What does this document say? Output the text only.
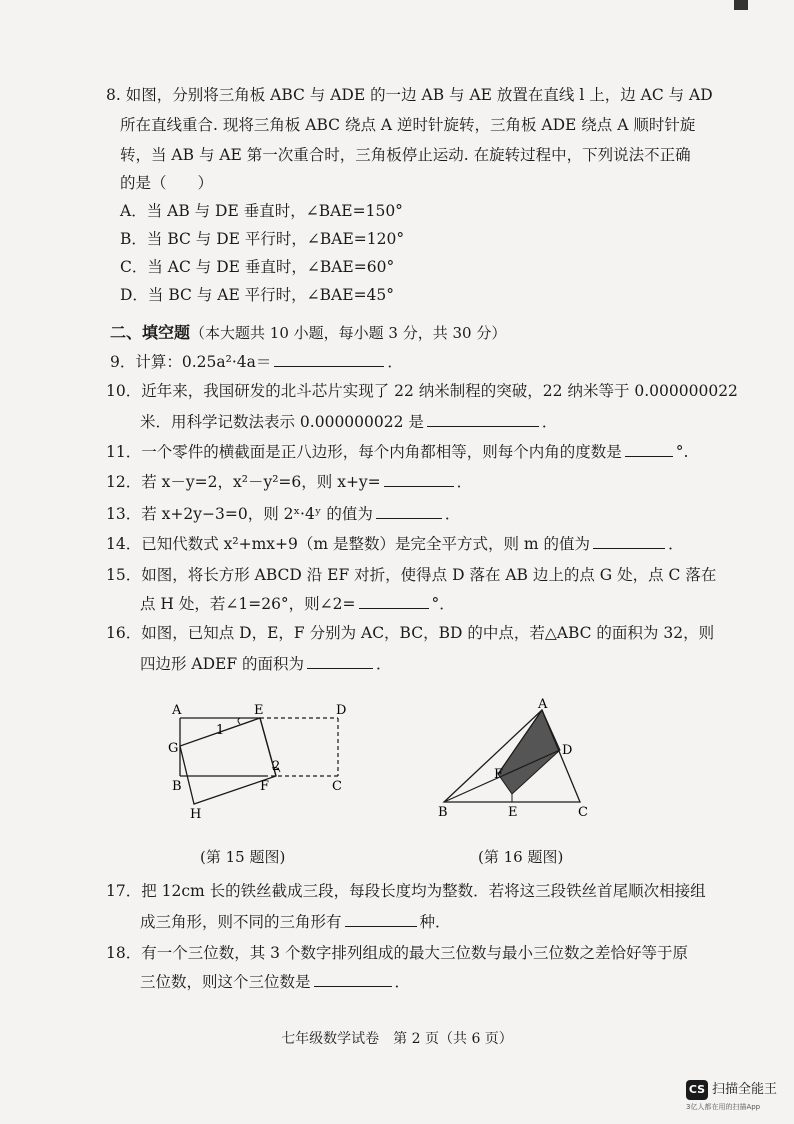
8. 如图，分别将三角板 ABC 与 ADE 的一边 AB 与 AE 放置在直线 l 上，边 AC 与 AD
所在直线重合. 现将三角板 ABC 绕点 A 逆时针旋转，三角板 ADE 绕点 A 顺时针旋
转，当 AB 与 AE 第一次重合时，三角板停止运动. 在旋转过程中，下列说法不正确
的是（　　）
A．当 AB 与 DE 垂直时，∠BAE=150°
B．当 BC 与 DE 平行时，∠BAE=120°
C．当 AC 与 DE 垂直时，∠BAE=60°
D．当 BC 与 AE 平行时，∠BAE=45°
二、填空题（本大题共 10 小题，每小题 3 分，共 30 分）
9．计算：0.25a²·4a＝	．
10．近年来，我国研发的北斗芯片实现了 22 纳米制程的突破，22 纳米等于 0.000000022
米．用科学记数法表示 0.000000022 是	．
11．一个零件的横截面是正八边形，每个内角都相等，则每个内角的度数是	°.
12．若 x－y=2，x²－y²=6，则 x+y=	．
13．若 x+2y−3=0，则 2ˣ·4ʸ 的值为	．
14．已知代数式 x²+mx+9（m 是整数）是完全平方式，则 m 的值为	．
15．如图，将长方形 ABCD 沿 EF 对折，使得点 D 落在 AB 边上的点 G 处，点 C 落在
点 H 处，若∠1=26°，则∠2=	°．
16．如图，已知点 D，E，F 分别为 AC，BC，BD 的中点，若△ABC 的面积为 32，则
四边形 ADEF 的面积为	．
A	E	D
G
B	F	C
H
1
2
(第 15 题图)
A
D
F
B	E	C
(第 16 题图)
17．把 12cm 长的铁丝截成三段，每段长度均为整数．若将这三段铁丝首尾顺次相接组
成三角形，则不同的三角形有	种．
18．有一个三位数，其 3 个数字排列组成的最大三位数与最小三位数之差恰好等于原
三位数，则这个三位数是	．
七年级数学试卷　第 2 页（共 6 页）
CS 扫描全能王
3亿人都在用的扫描App
